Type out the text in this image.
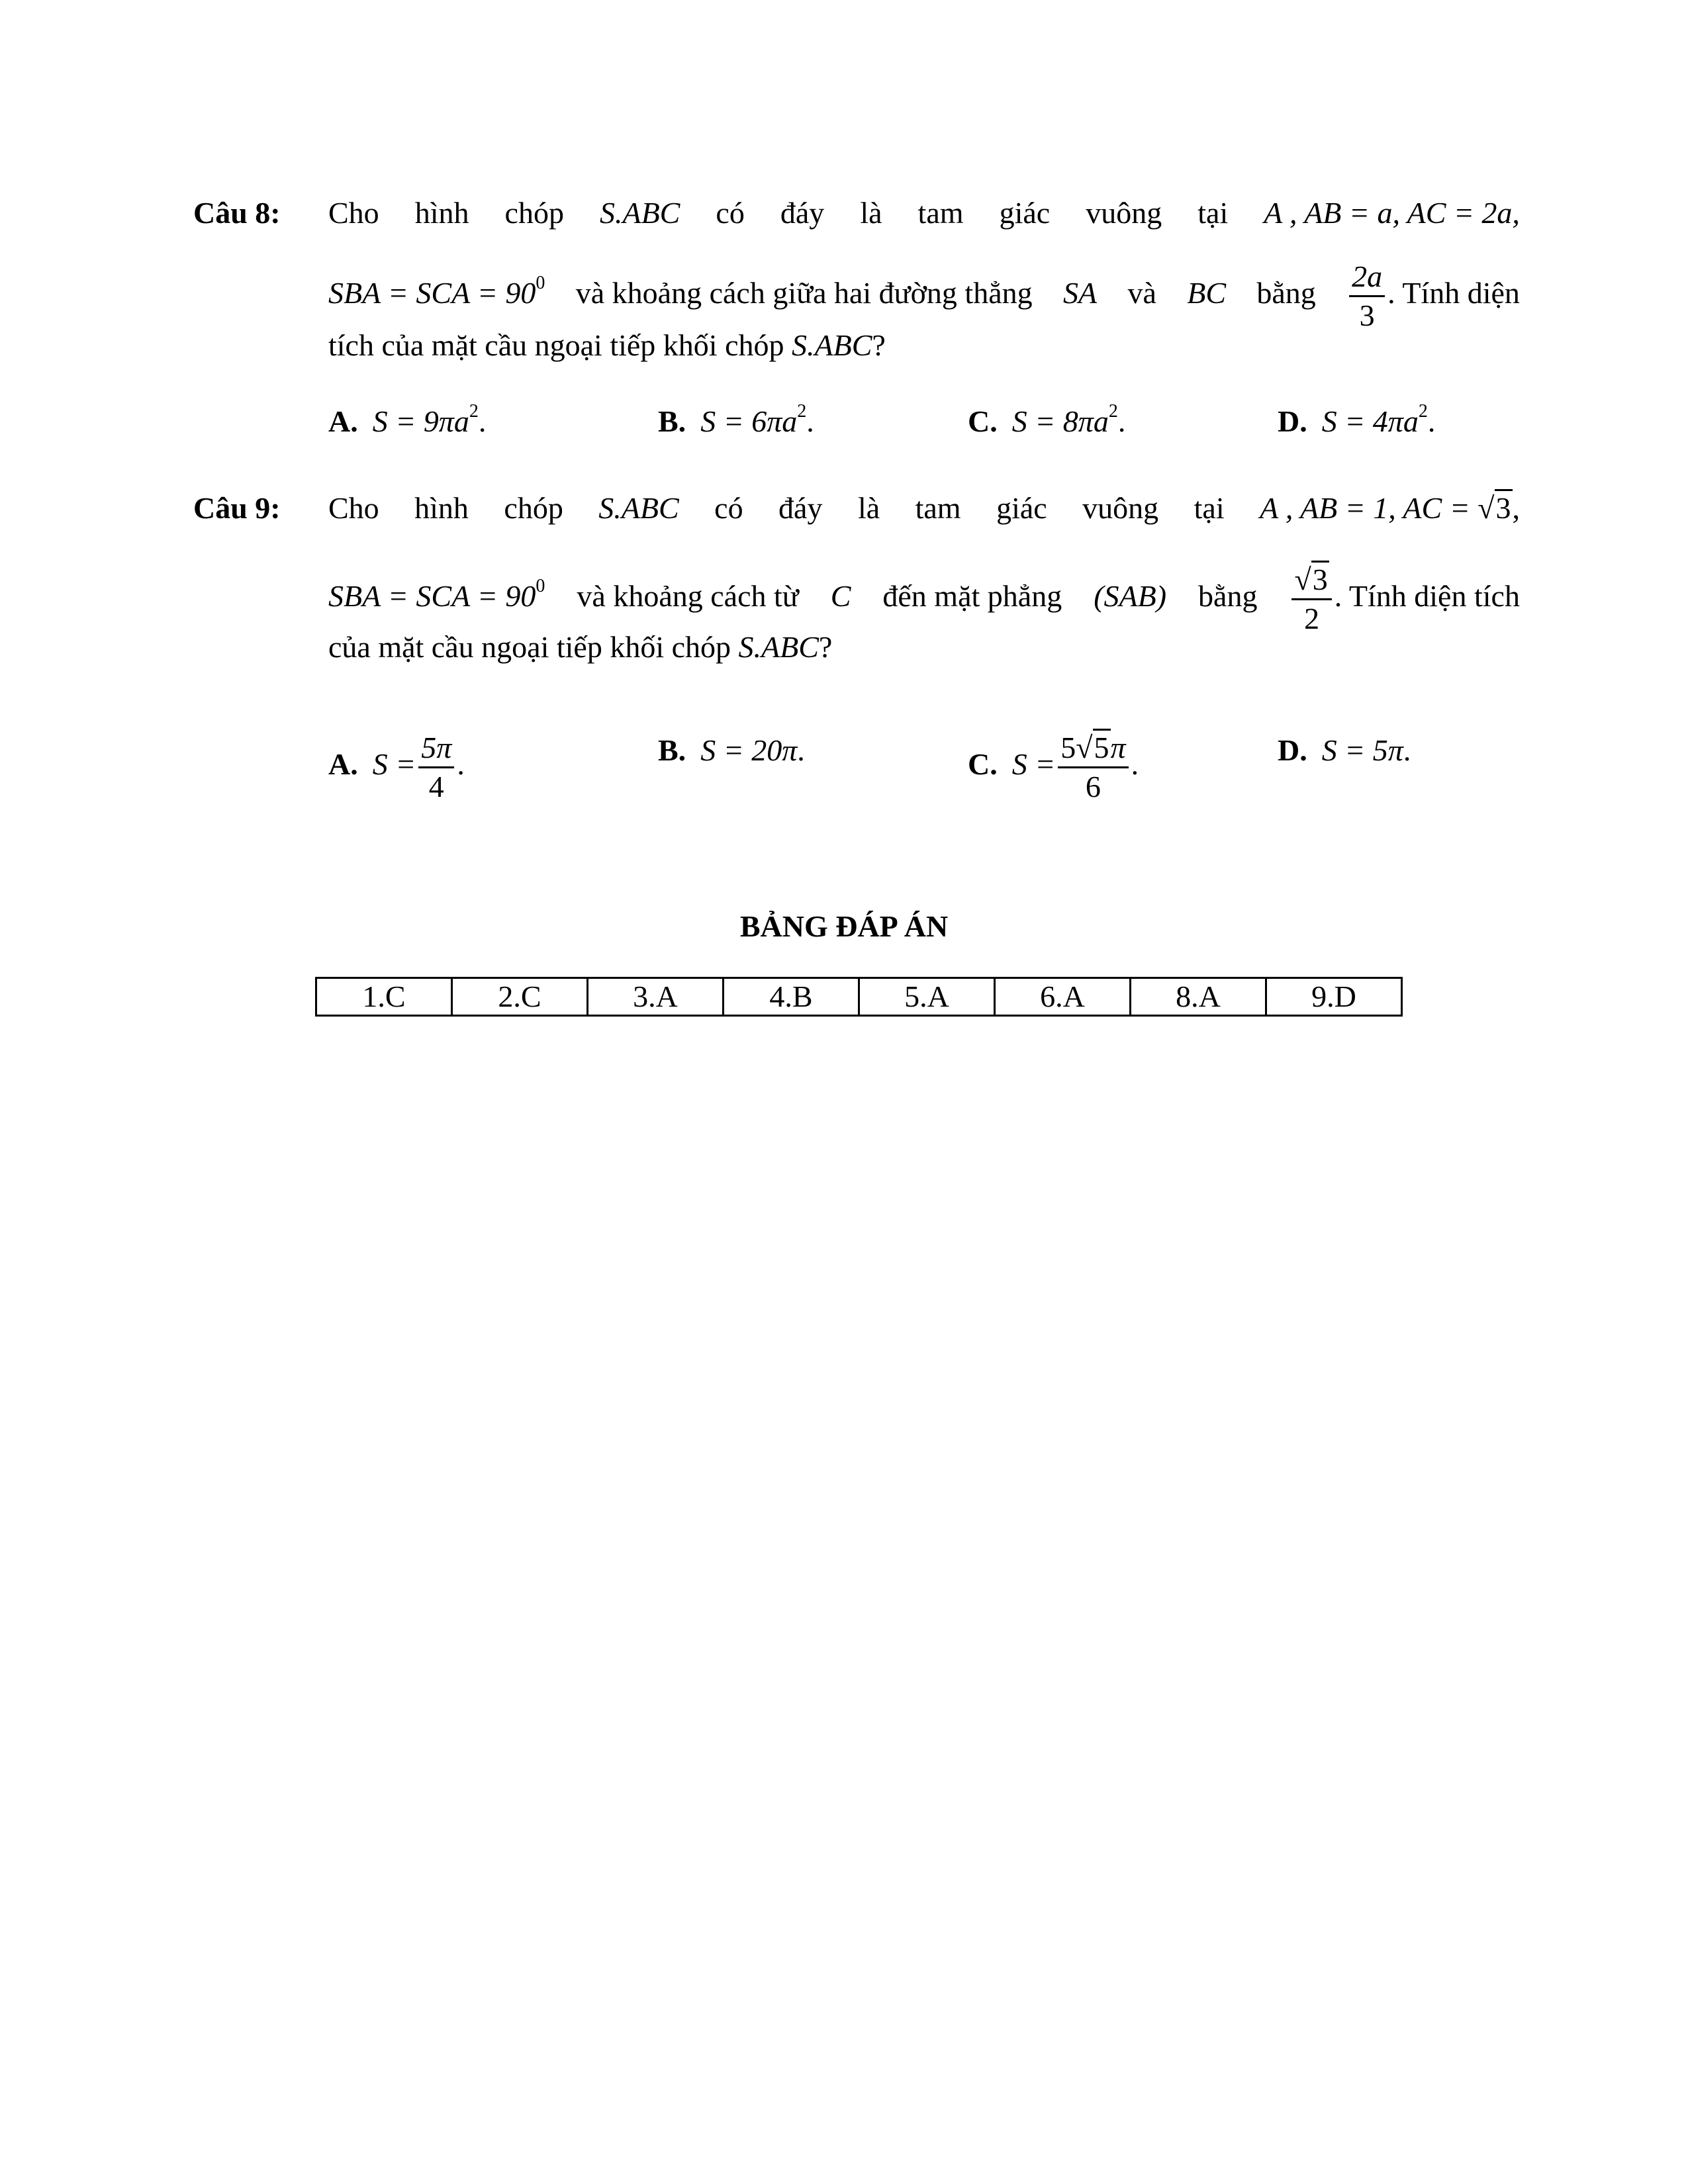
Câu 8: Cho hình chóp S.ABC có đáy là tam giác vuông tại A , AB = a, AC = 2a,
SBA = SCA = $90^0$ và khoảng cách giữa hai đường thẳng SA và BC bằng $\frac{2a}{3}$ . Tính diện
tích của mặt cầu ngoại tiếp khối chóp S.ABC?
A. $S = 9\pi a^2$.	B. $S = 6\pi a^2$.	C. $S = 8\pi a^2$.	D. $S = 4\pi a^2$.
Câu 9: Cho hình chóp S.ABC có đáy là tam giác vuông tại A , AB = 1, AC = √3,
SBA = SCA = $90^0$ và khoảng cách từ C đến mặt phẳng (SAB) bằng $\frac{√3}{2}$ . Tính diện tích
của mặt cầu ngoại tiếp khối chóp S.ABC?
A. $S = \frac{5\pi}{4}$ .	B. S = 20π.	C. $S = \frac{5√5\pi}{6}$ .	D. S = 5π.
BẢNG ĐÁP ÁN
1.C	2.C	3.A	4.B	5.A	6.A	8.A	9.D
